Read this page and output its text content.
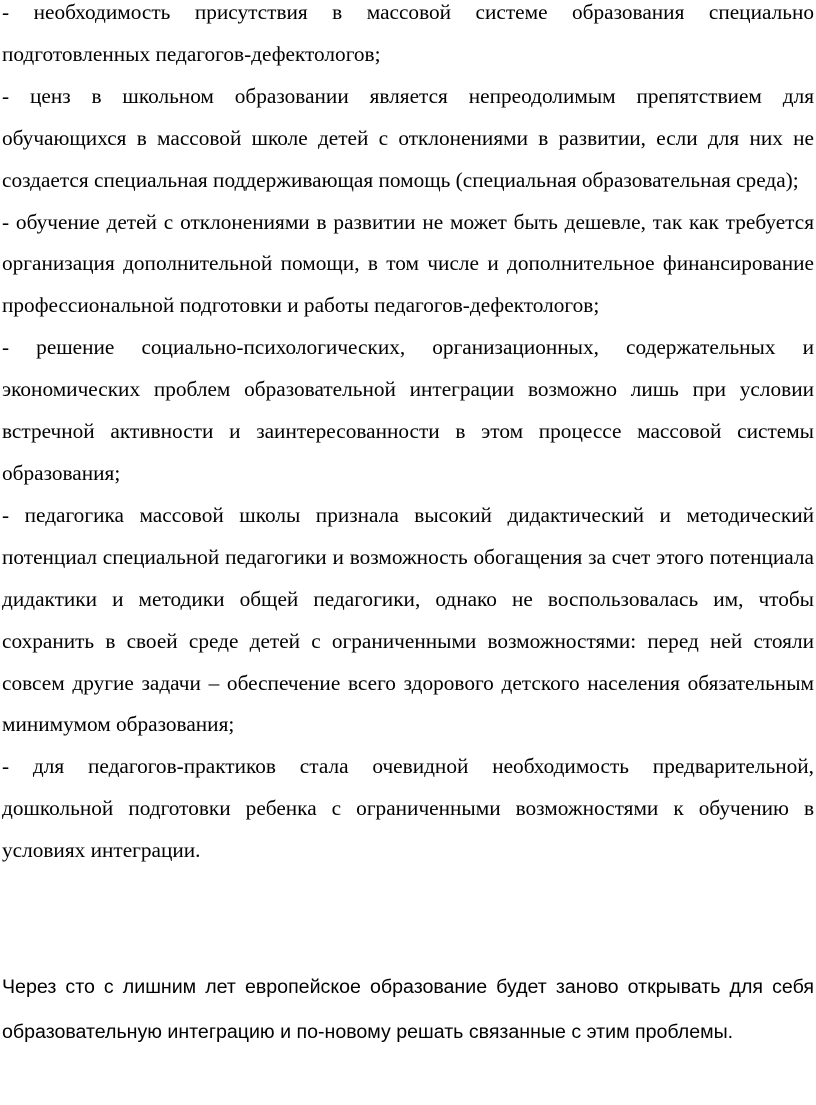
- необходимость присутствия в массовой системе образования специально подготовленных педагогов-дефектологов;

- ценз в школьном образовании является непреодолимым препятствием для обучающихся в массовой школе детей с отклонениями в развитии, если для них не создается специальная поддерживающая помощь (специальная образовательная среда);

- обучение детей с отклонениями в развитии не может быть дешевле, так как требуется организация дополнительной помощи, в том числе и дополнительное финансирование профессиональной подготовки и работы педагогов-дефектологов;

- решение социально-психологических, организационных, содержательных и экономических проблем образовательной интеграции возможно лишь при условии встречной активности и заинтересованности в этом процессе массовой системы образования;

- педагогика массовой школы признала высокий дидактический и методический потенциал специальной педагогики и возможность обогащения за счет этого потенциала дидактики и методики общей педагогики, однако не воспользовалась им, чтобы сохранить в своей среде детей с ограниченными возможностями: перед ней стояли совсем другие задачи – обеспечение всего здорового детского населения обязательным минимумом образования;

- для педагогов-практиков стала очевидной необходимость предварительной, дошкольной подготовки ребенка с ограниченными возможностями к обучению в условиях интеграции.

Через сто с лишним лет европейское образование будет заново открывать для себя образовательную интеграцию и по-новому решать связанные с этим проблемы.
